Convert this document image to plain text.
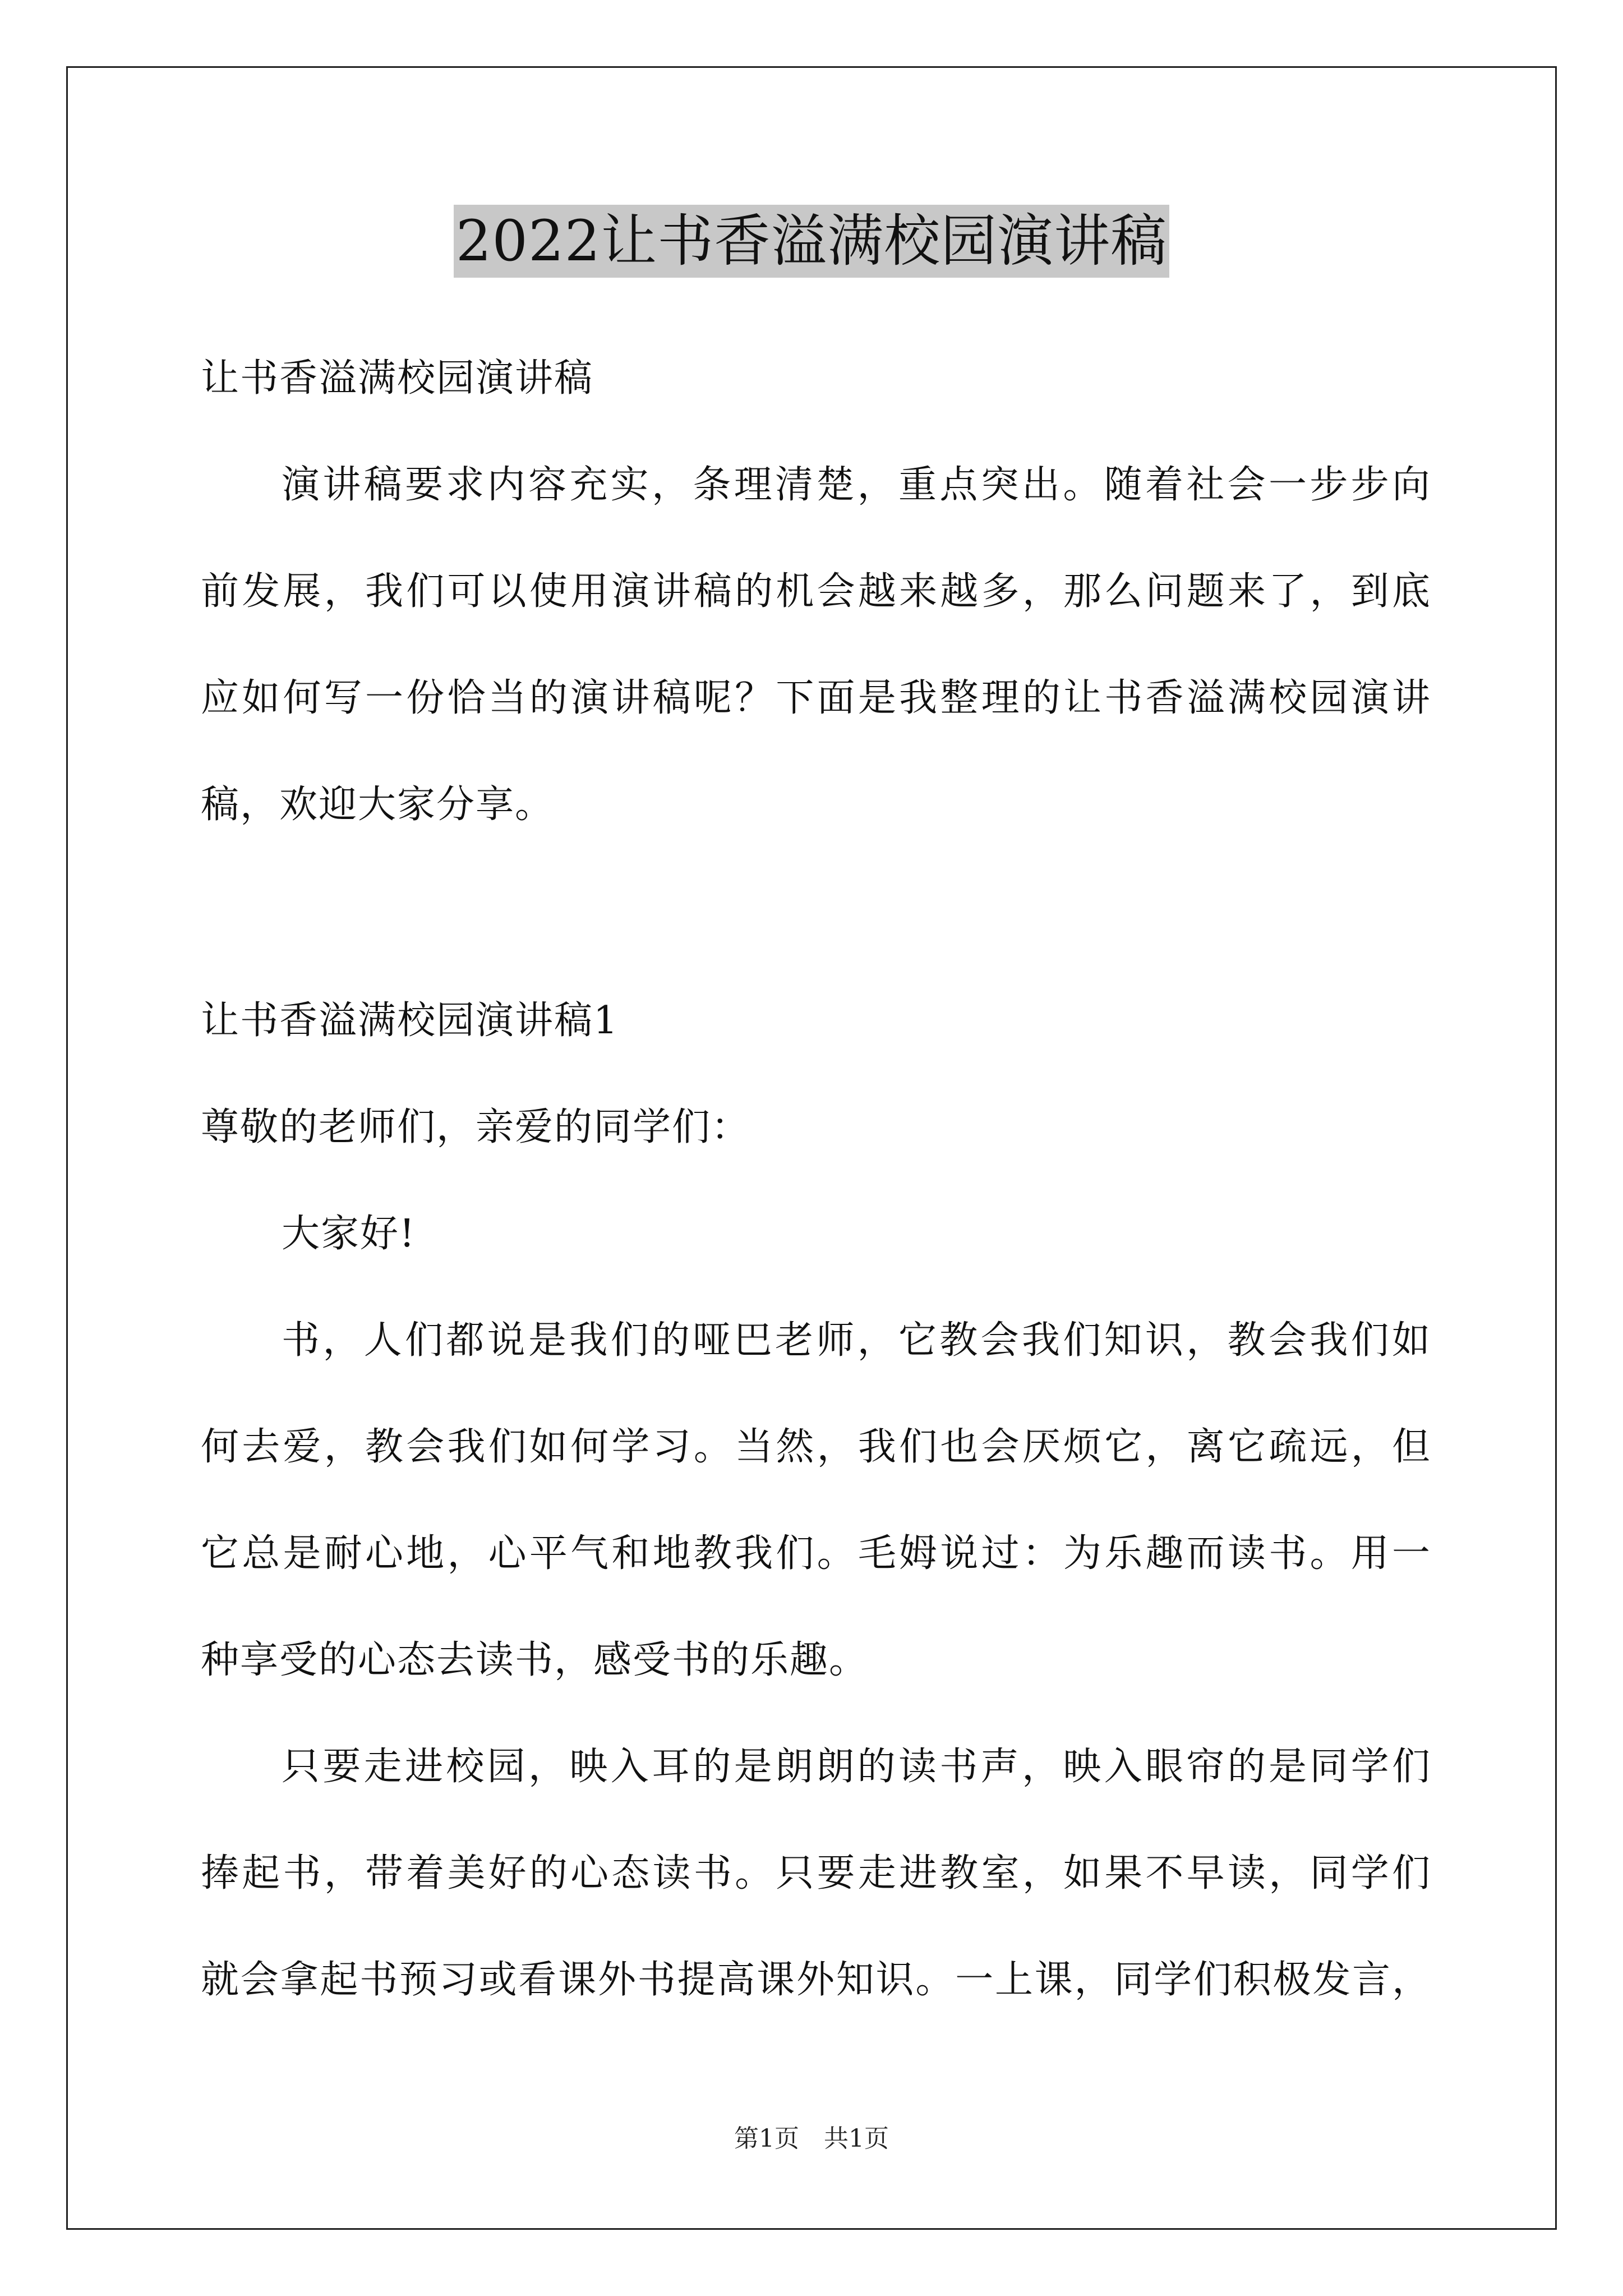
2022让书香溢满校园演讲稿
让书香溢满校园演讲稿
演讲稿要求内容充实，条理清楚，重点突出。随着社会一步步向
前发展，我们可以使用演讲稿的机会越来越多，那么问题来了，到底
应如何写一份恰当的演讲稿呢？下面是我整理的让书香溢满校园演讲
稿，欢迎大家分享。
让书香溢满校园演讲稿1
尊敬的老师们，亲爱的同学们：
大家好!
书，人们都说是我们的哑巴老师，它教会我们知识，教会我们如
何去爱，教会我们如何学习。当然，我们也会厌烦它，离它疏远，但
它总是耐心地，心平气和地教我们。毛姆说过：为乐趣而读书。用一
种享受的心态去读书，感受书的乐趣。
只要走进校园，映入耳的是朗朗的读书声，映入眼帘的是同学们
捧起书，带着美好的心态读书。只要走进教室，如果不早读，同学们
就会拿起书预习或看课外书提高课外知识。一上课，同学们积极发言，
第1页　共1页
